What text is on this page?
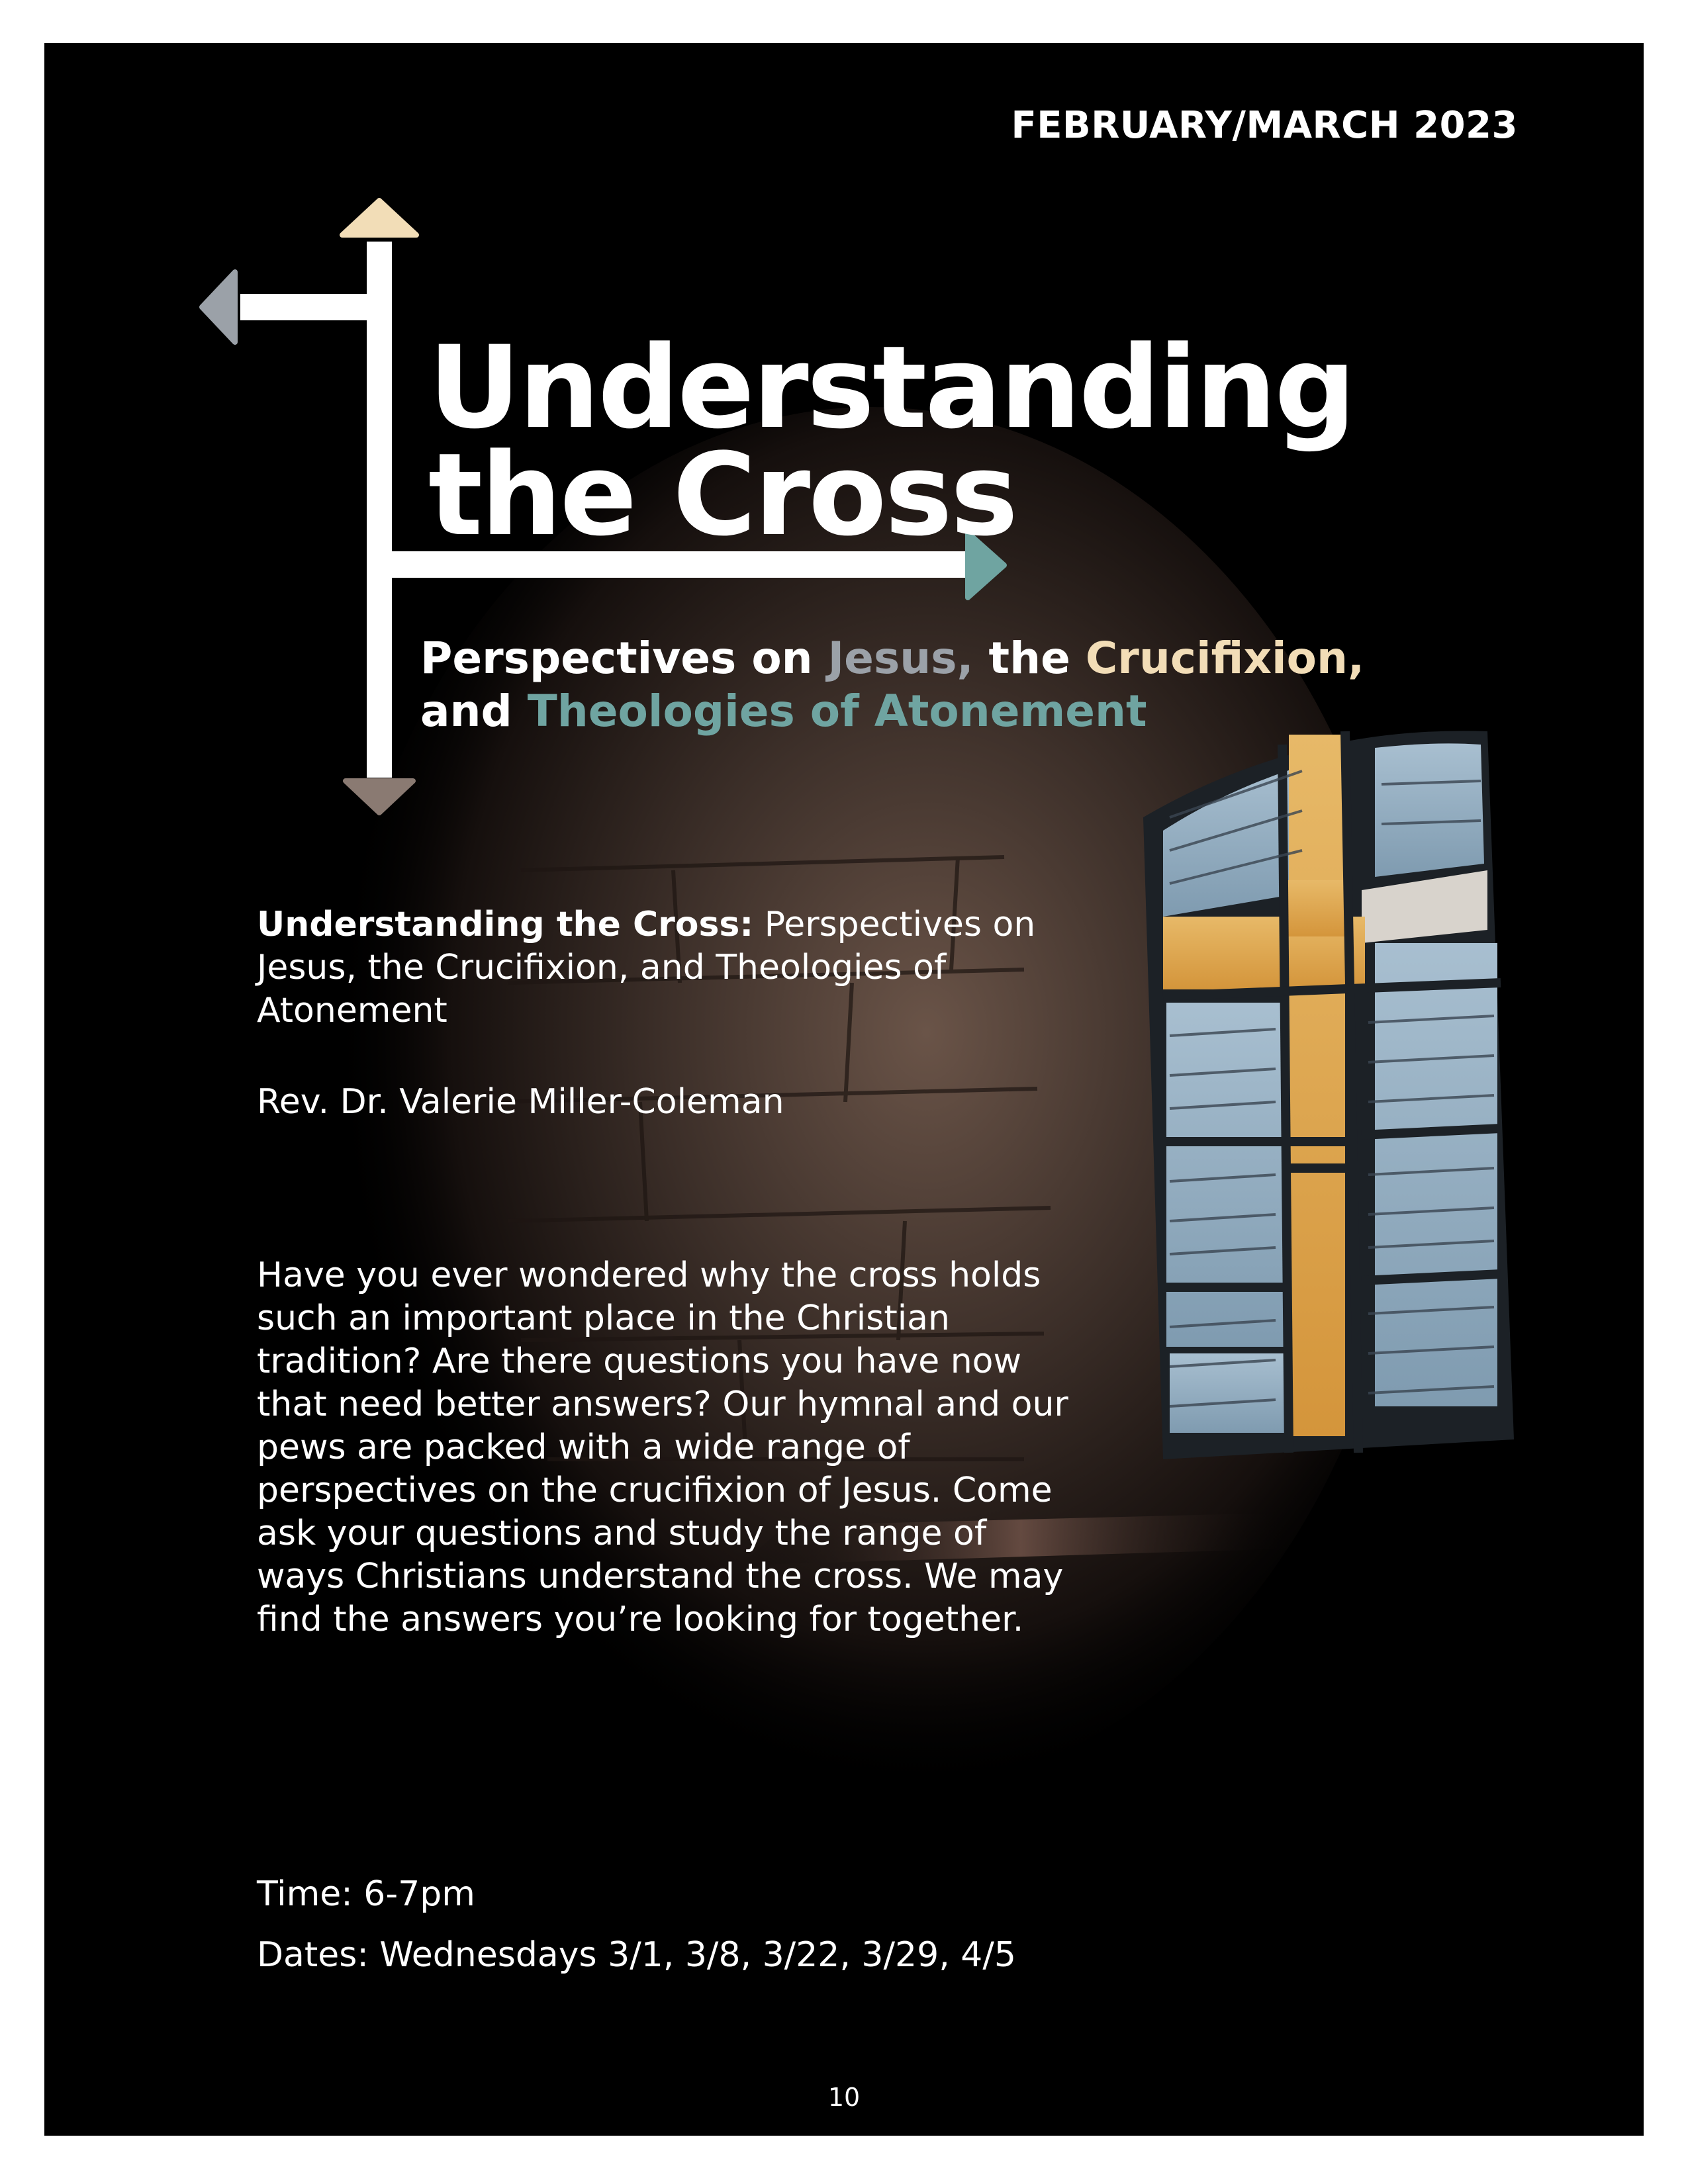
FEBRUARY/MARCH 2023
Understanding
the Cross
Perspectives on Jesus, the Crucifixion,
and Theologies of Atonement
Understanding the Cross: Perspectives on Jesus, the Crucifixion, and Theologies of Atonement
Rev. Dr. Valerie Miller-Coleman
Have you ever wondered why the cross holds such an important place in the Christian tradition? Are there questions you have now that need better answers? Our hymnal and our pews are packed with a wide range of perspectives on the crucifixion of Jesus. Come ask your questions and study the range of ways Christians understand the cross. We may find the answers you’re looking for together.
Time: 6-7pm
Dates: Wednesdays 3/1, 3/8, 3/22, 3/29, 4/5
10
